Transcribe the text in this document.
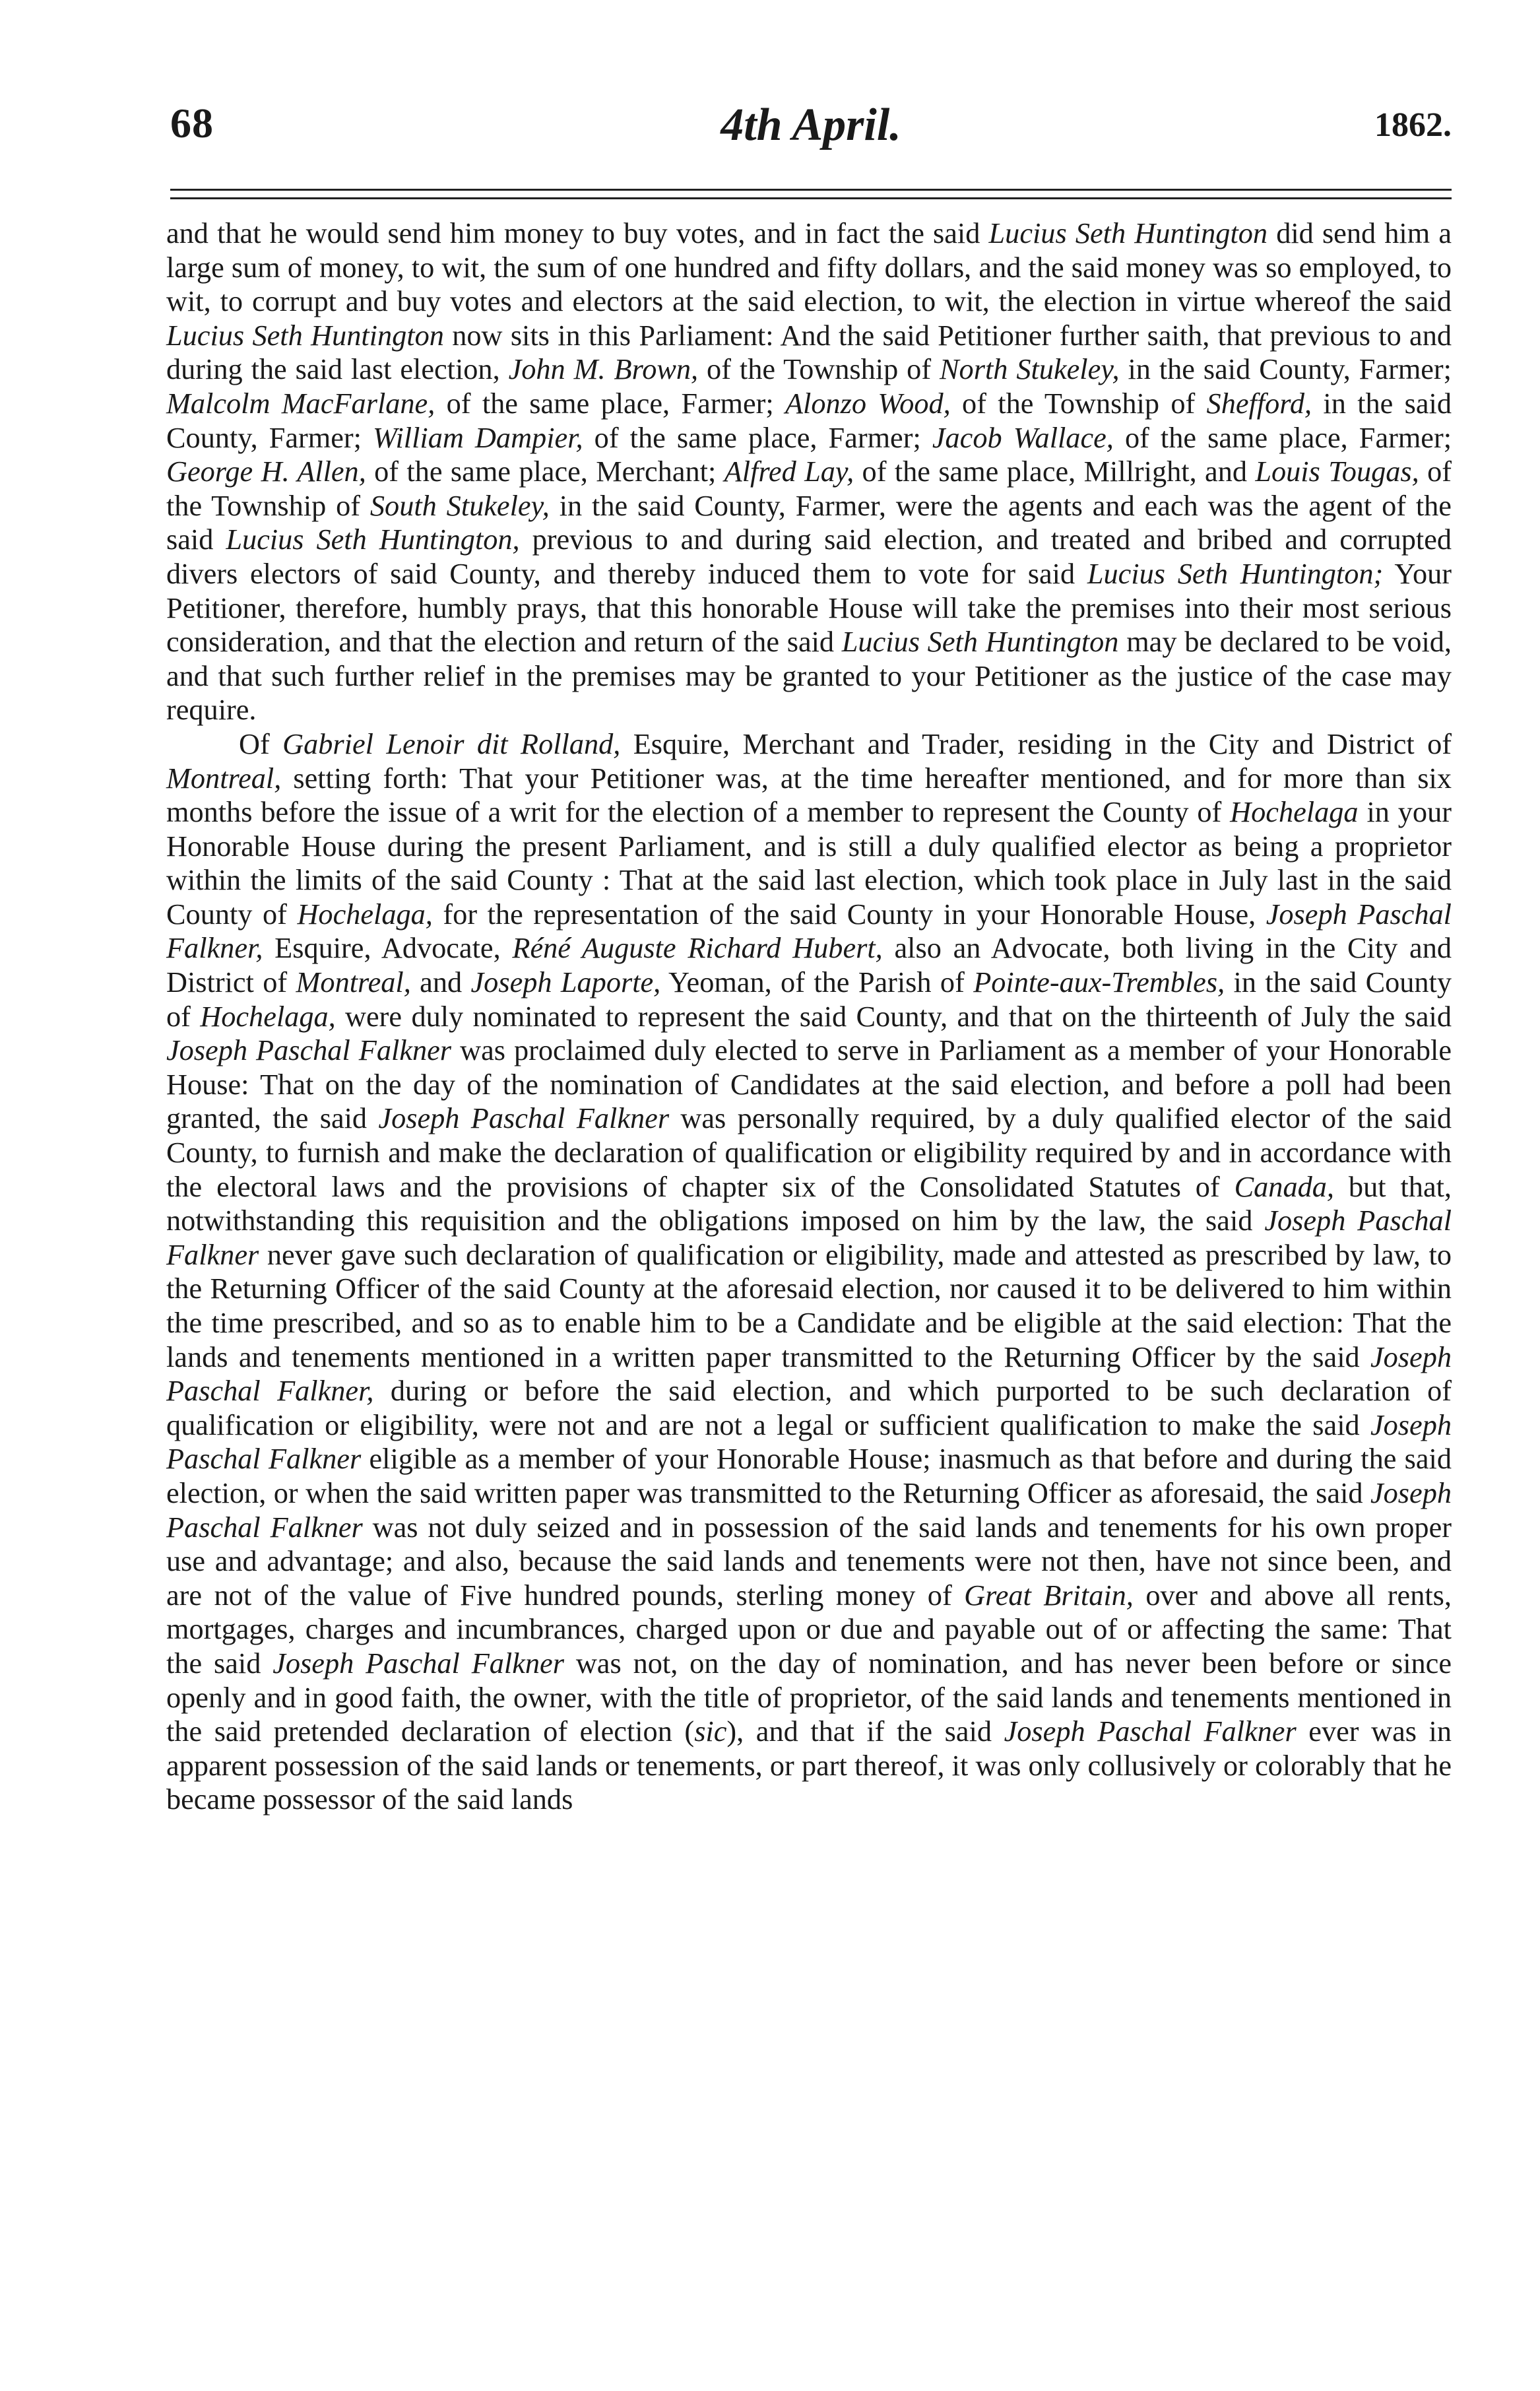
68	4th April.	1862.

and that he would send him money to buy votes, and in fact the said Lucius Seth Huntington did send him a large sum of money, to wit, the sum of one hundred and fifty dollars, and the said money was so employed, to wit, to corrupt and buy votes and electors at the said election, to wit, the election in virtue whereof the said Lucius Seth Huntington now sits in this Parliament: And the said Petitioner further saith, that previous to and during the said last election, John M. Brown, of the Township of North Stukeley, in the said County, Farmer; Malcolm MacFarlane, of the same place, Farmer; Alonzo Wood, of the Township of Shefford, in the said County, Farmer; William Dampier, of the same place, Farmer; Jacob Wallace, of the same place, Farmer; George H. Allen, of the same place, Merchant; Alfred Lay, of the same place, Millright, and Louis Tougas, of the Township of South Stukeley, in the said County, Farmer, were the agents and each was the agent of the said Lucius Seth Huntington, previous to and during said election, and treated and bribed and corrupted divers electors of said County, and thereby induced them to vote for said Lucius Seth Huntington; Your Petitioner, therefore, humbly prays, that this honorable House will take the premises into their most serious consideration, and that the election and return of the said Lucius Seth Huntington may be declared to be void, and that such further relief in the premises may be granted to your Petitioner as the justice of the case may require.

Of Gabriel Lenoir dit Rolland, Esquire, Merchant and Trader, residing in the City and District of Montreal, setting forth: That your Petitioner was, at the time hereafter mentioned, and for more than six months before the issue of a writ for the election of a member to represent the County of Hochelaga in your Honorable House during the present Parliament, and is still a duly qualified elector as being a proprietor within the limits of the said County : That at the said last election, which took place in July last in the said County of Hochelaga, for the representation of the said County in your Honorable House, Joseph Paschal Falkner, Esquire, Advocate, Réné Auguste Richard Hubert, also an Advocate, both living in the City and District of Montreal, and Joseph Laporte, Yeoman, of the Parish of Pointe-aux-Trembles, in the said County of Hochelaga, were duly nominated to represent the said County, and that on the thirteenth of July the said Joseph Paschal Falkner was proclaimed duly elected to serve in Parliament as a member of your Honorable House: That on the day of the nomination of Candidates at the said election, and before a poll had been granted, the said Joseph Paschal Falkner was personally required, by a duly qualified elector of the said County, to furnish and make the declaration of qualification or eligibility required by and in accordance with the electoral laws and the provisions of chapter six of the Consolidated Statutes of Canada, but that, notwithstanding this requisition and the obligations imposed on him by the law, the said Joseph Paschal Falkner never gave such declaration of qualification or eligibility, made and attested as prescribed by law, to the Returning Officer of the said County at the aforesaid election, nor caused it to be delivered to him within the time prescribed, and so as to enable him to be a Candidate and be eligible at the said election: That the lands and tenements mentioned in a written paper transmitted to the Returning Officer by the said Joseph Paschal Falkner, during or before the said election, and which purported to be such declaration of qualification or eligibility, were not and are not a legal or sufficient qualification to make the said Joseph Paschal Falkner eligible as a member of your Honorable House; inasmuch as that before and during the said election, or when the said written paper was transmitted to the Returning Officer as aforesaid, the said Joseph Paschal Falkner was not duly seized and in possession of the said lands and tenements for his own proper use and advantage; and also, because the said lands and tenements were not then, have not since been, and are not of the value of Five hundred pounds, sterling money of Great Britain, over and above all rents, mortgages, charges and incumbrances, charged upon or due and payable out of or affecting the same: That the said Joseph Paschal Falkner was not, on the day of nomination, and has never been before or since openly and in good faith, the owner, with the title of proprietor, of the said lands and tenements mentioned in the said pretended declaration of election (sic), and that if the said Joseph Paschal Falkner ever was in apparent possession of the said lands or tenements, or part thereof, it was only collusively or colorably that he became possessor of the said lands
